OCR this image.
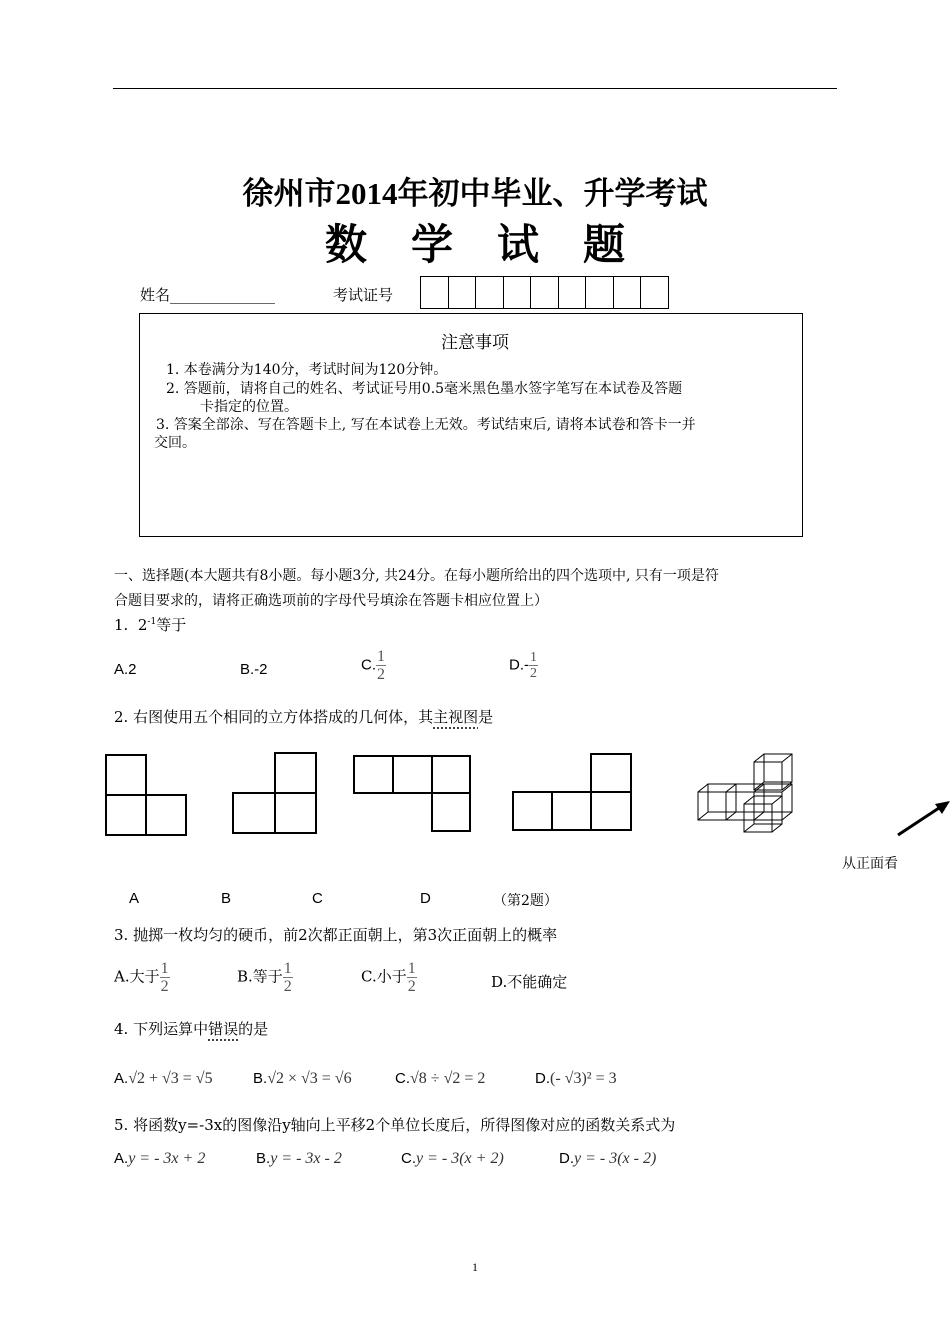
徐州市2014年初中毕业、升学考试
数学试题
姓名______________	考试证号
注意事项
1. 本卷满分为140分，考试时间为120分钟。
2. 答题前，请将自己的姓名、考试证号用0.5毫米黑色墨水签字笔写在本试卷及答题
卡指定的位置。
3. 答案全部涂、写在答题卡上, 写在本试卷上无效。考试结束后, 请将本试卷和答卡一并
交回。
一、选择题(本大题共有8小题。每小题3分, 共24分。在每小题所给出的四个选项中, 只有一项是符
合题目要求的，请将正确选项前的字母代号填涂在答题卡相应位置上）
1. $2^{-1}$等于
A.2	B.-2	C. $\frac{1}{2}$	$D.- \frac{1}{2}$
2. 右图使用五个相同的立方体搭成的几何体，其主视图是
从正面看
A	B	C	D	（第2题）
3. 抛掷一枚均匀的硬币，前2次都正面朝上，第3次正面朝上的概率
A.大于 $\frac{1}{2}$	B.等于 $\frac{1}{2}$	C.小于 $\frac{1}{2}$	D.不能确定
4. 下列运算中错误的是
A.√2 + √3 = √5	B.√2 × √3 = √6	C.√8 ÷ √2 = 2	D.(- √3)² = 3
5. 将函数y=-3x的图像沿y轴向上平移2个单位长度后，所得图像对应的函数关系式为
A.y = - 3x + 2	B.y = - 3x - 2	C.y = - 3(x + 2)	D.y = - 3(x - 2)
1
